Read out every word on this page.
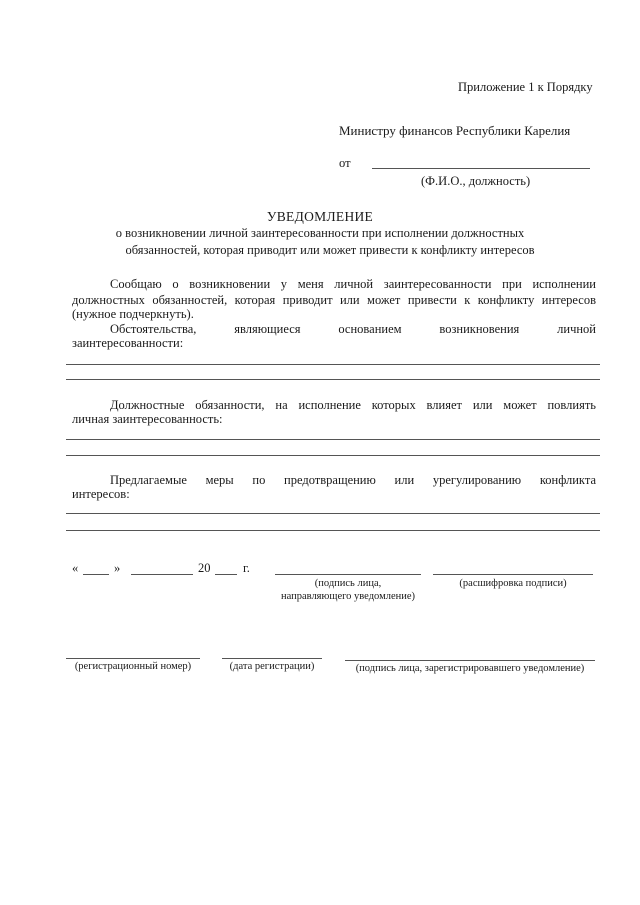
Приложение 1 к Порядку
Министру финансов Республики Карелия
от
(Ф.И.О., должность)
УВЕДОМЛЕНИЕ
о возникновении личной заинтересованности при исполнении должностных
обязанностей, которая приводит или может привести к конфликту интересов
Сообщаю о возникновении у меня личной заинтересованности при исполнении
должностных обязанностей, которая приводит или может привести к конфликту интересов
(нужное подчеркнуть).
Обстоятельства, являющиеся основанием возникновения личной
заинтересованности:
Должностные обязанности, на исполнение которых влияет или может повлиять
личная заинтересованность:
Предлагаемые меры по предотвращению или урегулированию конфликта
интересов:
«	»	20	г.
(подпись лица,
направляющего уведомление)
(расшифровка подписи)
(регистрационный номер)	(дата регистрации)	(подпись лица, зарегистрировавшего уведомление)
